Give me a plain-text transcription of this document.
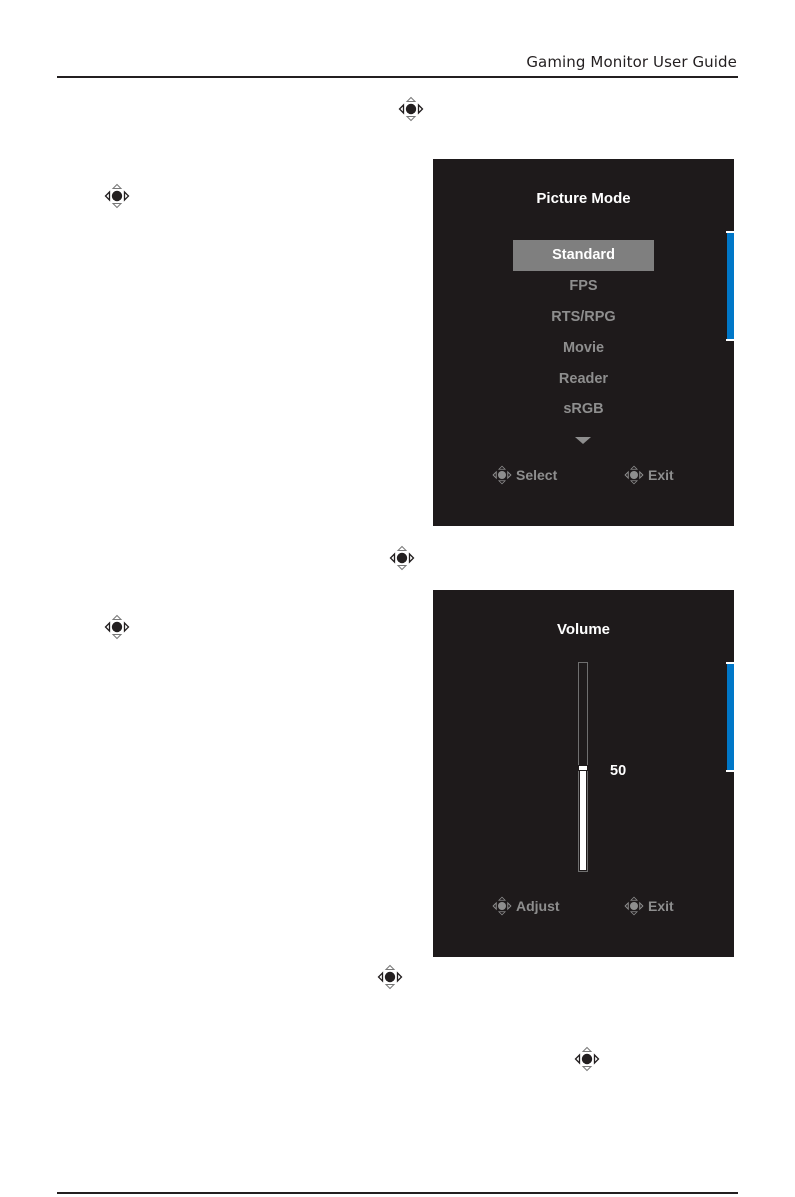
Gaming Monitor User Guide
Picture Mode
Standard
FPS
RTS/RPG
Movie
Reader
sRGB
Select	Exit
Volume
50
Adjust	Exit
